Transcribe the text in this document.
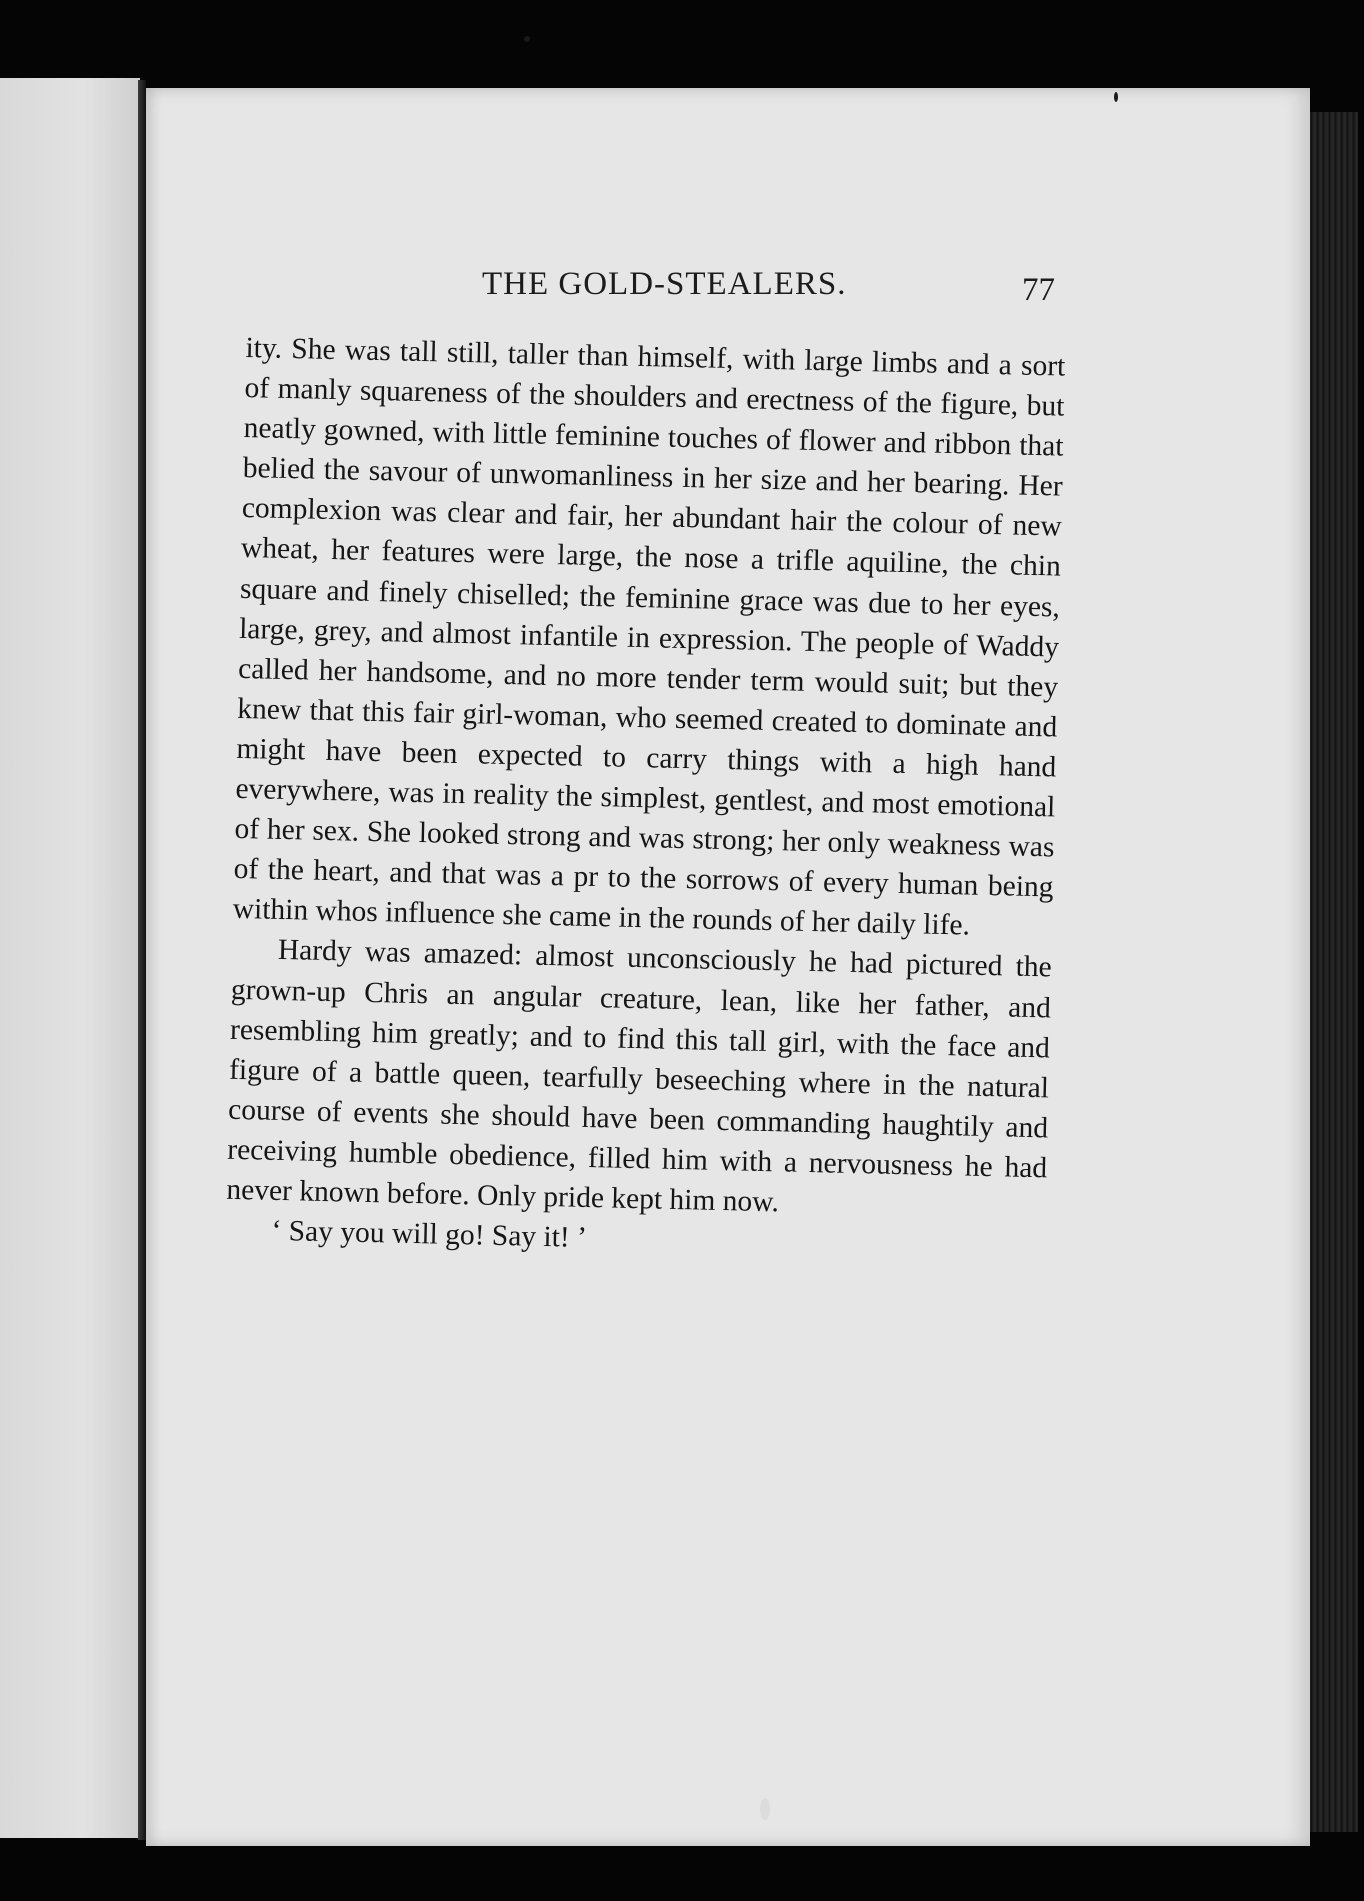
THE GOLD-STEALERS.	77

ity. She was tall still, taller than himself, with large limbs and a sort of manly squareness of the shoulders and erectness of the figure, but neatly gowned, with little feminine touches of flower and ribbon that belied the savour of unwomanliness in her size and her bearing. Her complexion was clear and fair, her abundant hair the colour of new wheat, her features were large, the nose a trifle aquiline, the chin square and finely chiselled; the feminine grace was due to her eyes, large, grey, and almost infantile in expression. The people of Waddy called her handsome, and no more tender term would suit; but they knew that this fair girl-woman, who seemed created to dominate and might have been expected to carry things with a high hand everywhere, was in reality the simplest, gentlest, and most emotional of her sex. She looked strong and was strong; her only weakness was of the heart, and that was a pr to the sorrows of every human being within whos influence she came in the rounds of her daily life.

Hardy was amazed: almost unconsciously he had pictured the grown-up Chris an angular creature, lean, like her father, and resembling him greatly; and to find this tall girl, with the face and figure of a battle queen, tearfully beseeching where in the natural course of events she should have been commanding haughtily and receiving humble obedience, filled him with a nervousness he had never known before. Only pride kept him now.

‘ Say you will go! Say it! ’
